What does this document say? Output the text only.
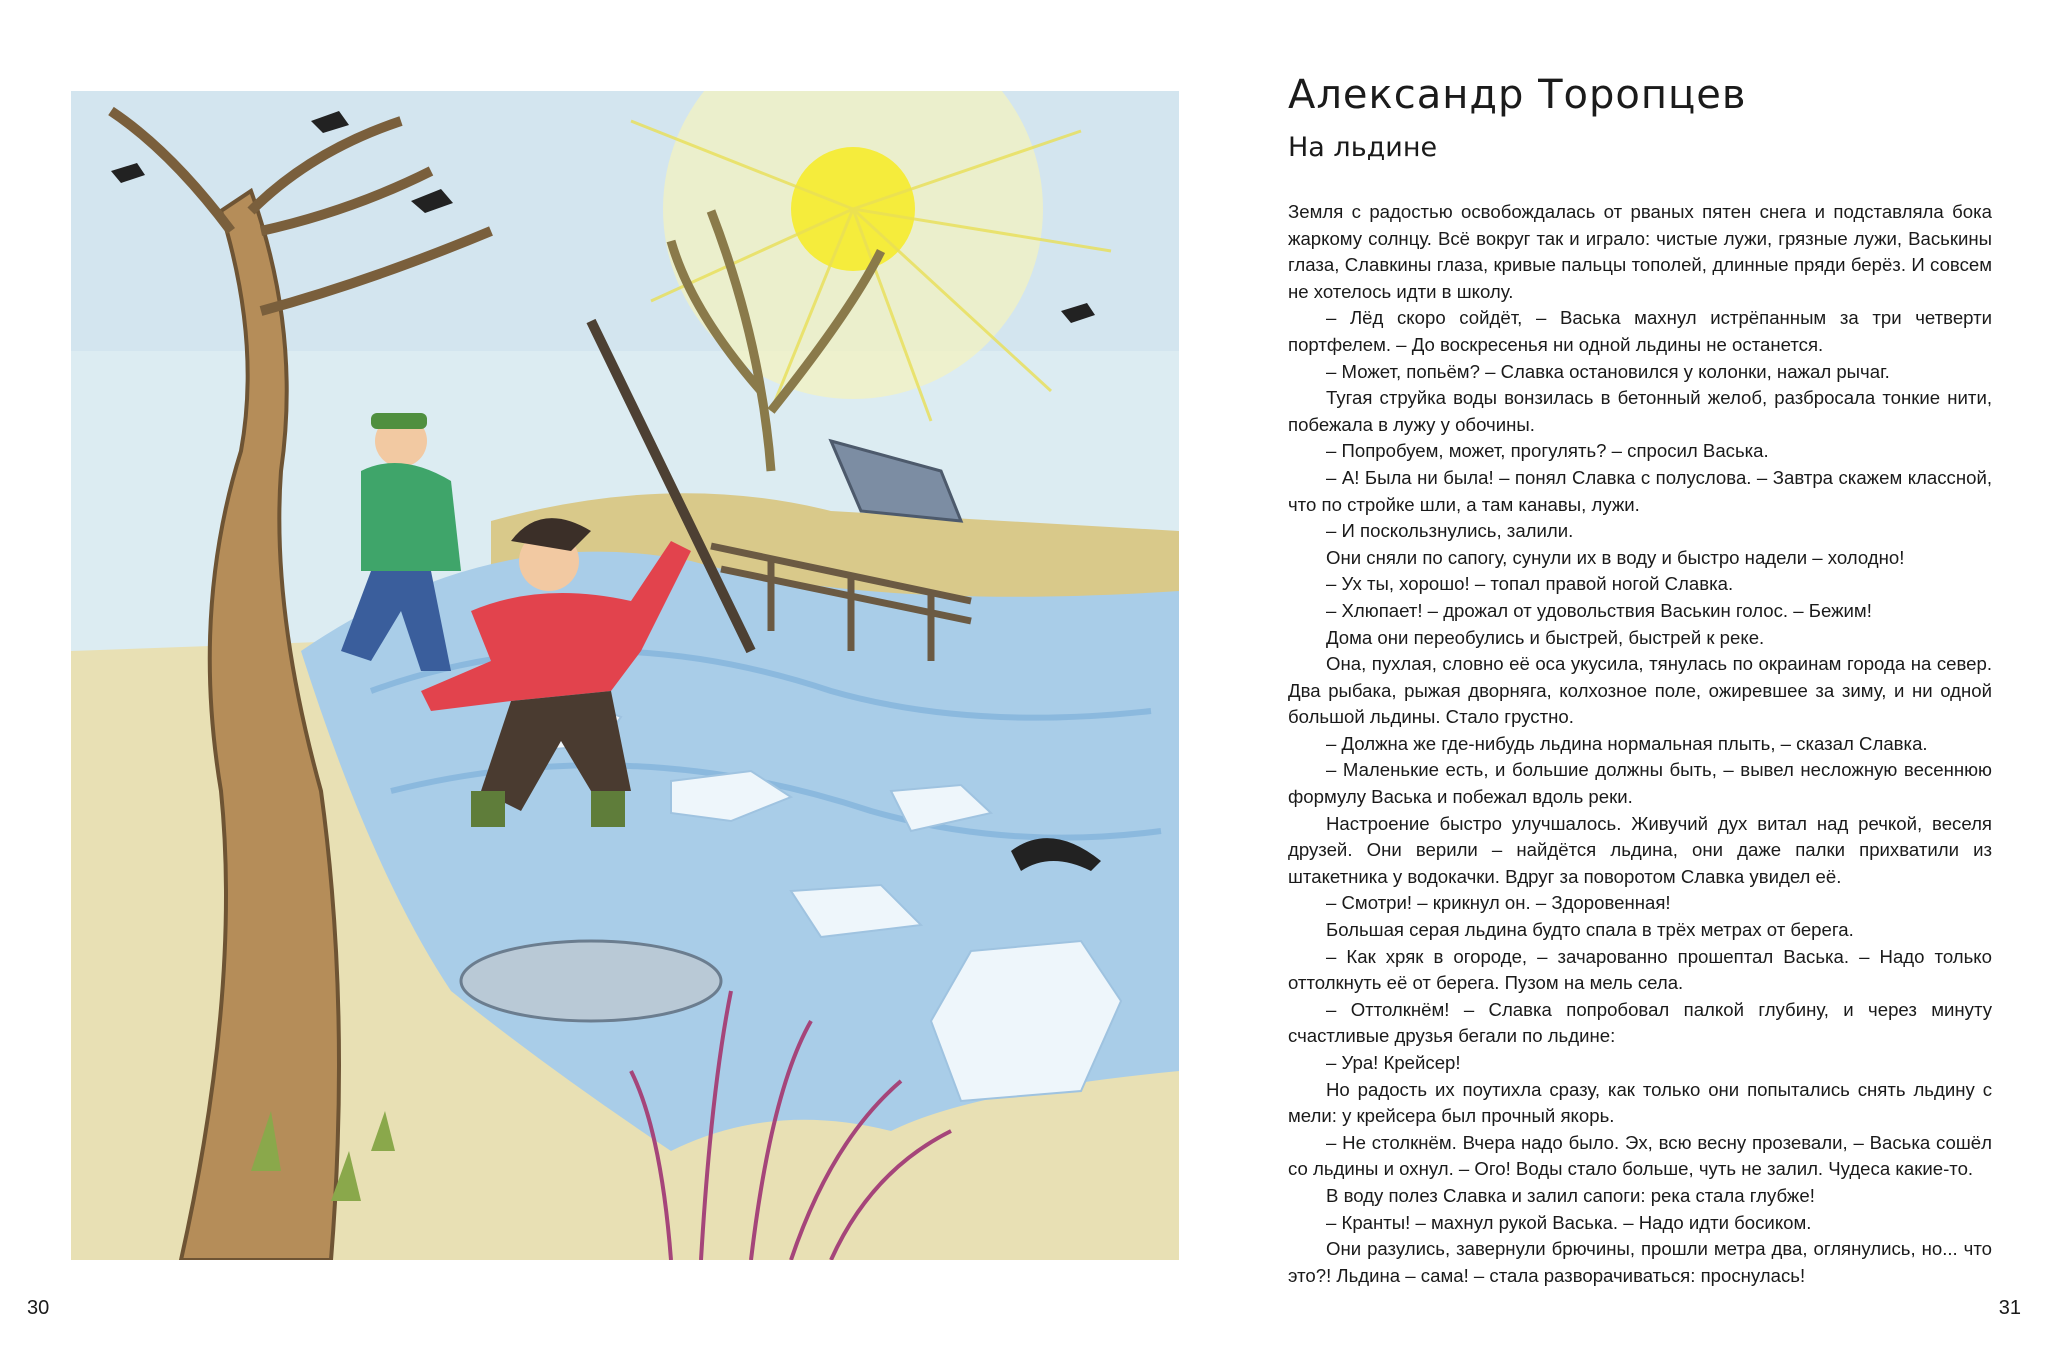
Александр Торопцев
На льдине

Земля с радостью освобождалась от рваных пятен снега и подставляла бока жаркому солнцу. Всё вокруг так и играло: чистые лужи, грязные лужи, Васькины глаза, Славкины глаза, кривые пальцы тополей, длинные пряди берёз. И совсем не хотелось идти в школу.

– Лёд скоро сойдёт, – Васька махнул истрёпанным за три четверти портфелем. – До воскресенья ни одной льдины не останется.

– Может, попьём? – Славка остановился у колонки, нажал рычаг.

Тугая струйка воды вонзилась в бетонный желоб, разбросала тонкие нити, побежала в лужу у обочины.

– Попробуем, может, прогулять? – спросил Васька.

– А! Была ни была! – понял Славка с полуслова. – Завтра скажем классной, что по стройке шли, а там канавы, лужи.

– И поскользнулись, залили.

Они сняли по сапогу, сунули их в воду и быстро надели – холодно!

– Ух ты, хорошо! – топал правой ногой Славка.

– Хлюпает! – дрожал от удовольствия Васькин голос. – Бежим!

Дома они переобулись и быстрей, быстрей к реке.

Она, пухлая, словно её оса укусила, тянулась по окраинам города на север. Два рыбака, рыжая дворняга, колхозное поле, ожиревшее за зиму, и ни одной большой льдины. Стало грустно.

– Должна же где-нибудь льдина нормальная плыть, – сказал Славка.

– Маленькие есть, и большие должны быть, – вывел несложную весеннюю формулу Васька и побежал вдоль реки.

Настроение быстро улучшалось. Живучий дух витал над речкой, веселя друзей. Они верили – найдётся льдина, они даже палки прихватили из штакетника у водокачки. Вдруг за поворотом Славка увидел её.

– Смотри! – крикнул он. – Здоровенная!

Большая серая льдина будто спала в трёх метрах от берега.

– Как хряк в огороде, – зачарованно прошептал Васька. – Надо только оттолкнуть её от берега. Пузом на мель села.

– Оттолкнём! – Славка попробовал палкой глубину, и через минуту счастливые друзья бегали по льдине:

– Ура! Крейсер!

Но радость их поутихла сразу, как только они попытались снять льдину с мели: у крейсера был прочный якорь.

– Не столкнём. Вчера надо было. Эх, всю весну прозевали, – Васька сошёл со льдины и охнул. – Ого! Воды стало больше, чуть не залил. Чудеса какие-то.

В воду полез Славка и залил сапоги: река стала глубже!

– Кранты! – махнул рукой Васька. – Надо идти босиком.

Они разулись, завернули брючины, прошли метра два, оглянулись, но... что это?! Льдина – сама! – стала разворачиваться: проснулась!

30	31
